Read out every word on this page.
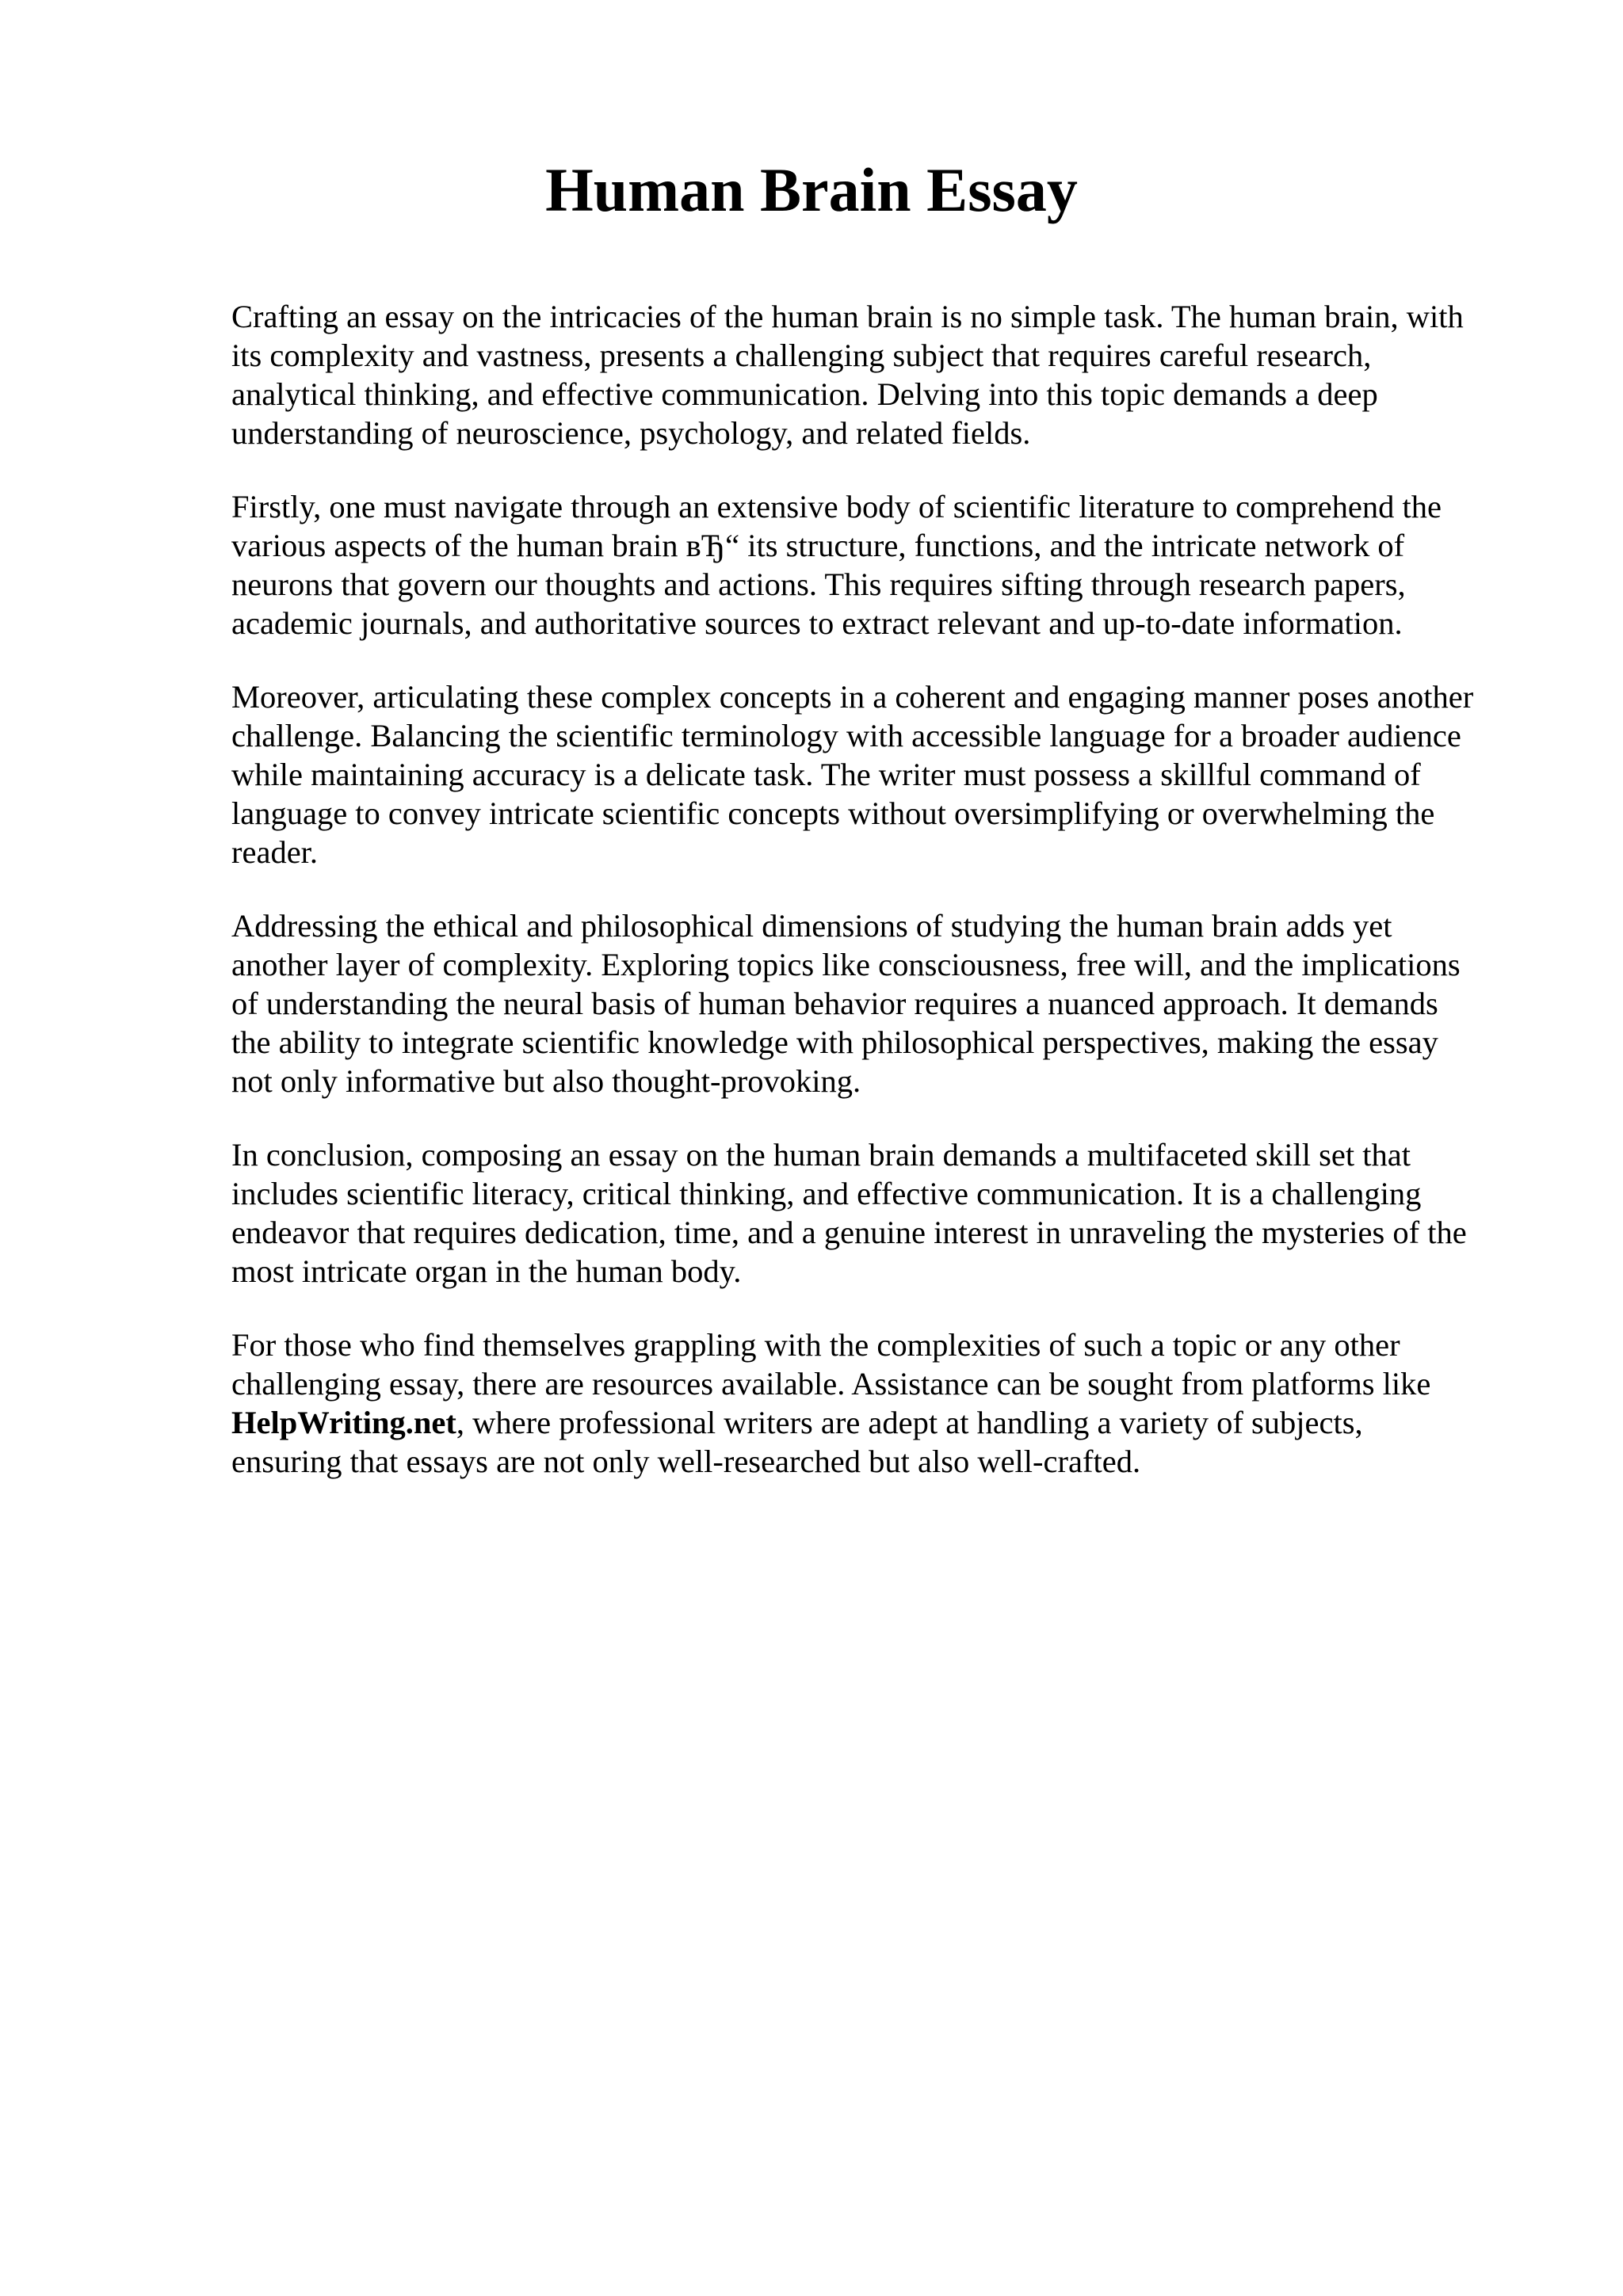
Human Brain Essay

Crafting an essay on the intricacies of the human brain is no simple task. The human brain, with
its complexity and vastness, presents a challenging subject that requires careful research,
analytical thinking, and effective communication. Delving into this topic demands a deep
understanding of neuroscience, psychology, and related fields.

Firstly, one must navigate through an extensive body of scientific literature to comprehend the
various aspects of the human brain вЂ“ its structure, functions, and the intricate network of
neurons that govern our thoughts and actions. This requires sifting through research papers,
academic journals, and authoritative sources to extract relevant and up-to-date information.

Moreover, articulating these complex concepts in a coherent and engaging manner poses another
challenge. Balancing the scientific terminology with accessible language for a broader audience
while maintaining accuracy is a delicate task. The writer must possess a skillful command of
language to convey intricate scientific concepts without oversimplifying or overwhelming the
reader.

Addressing the ethical and philosophical dimensions of studying the human brain adds yet
another layer of complexity. Exploring topics like consciousness, free will, and the implications
of understanding the neural basis of human behavior requires a nuanced approach. It demands
the ability to integrate scientific knowledge with philosophical perspectives, making the essay
not only informative but also thought-provoking.

In conclusion, composing an essay on the human brain demands a multifaceted skill set that
includes scientific literacy, critical thinking, and effective communication. It is a challenging
endeavor that requires dedication, time, and a genuine interest in unraveling the mysteries of the
most intricate organ in the human body.

For those who find themselves grappling with the complexities of such a topic or any other
challenging essay, there are resources available. Assistance can be sought from platforms like
HelpWriting.net, where professional writers are adept at handling a variety of subjects,
ensuring that essays are not only well-researched but also well-crafted.
